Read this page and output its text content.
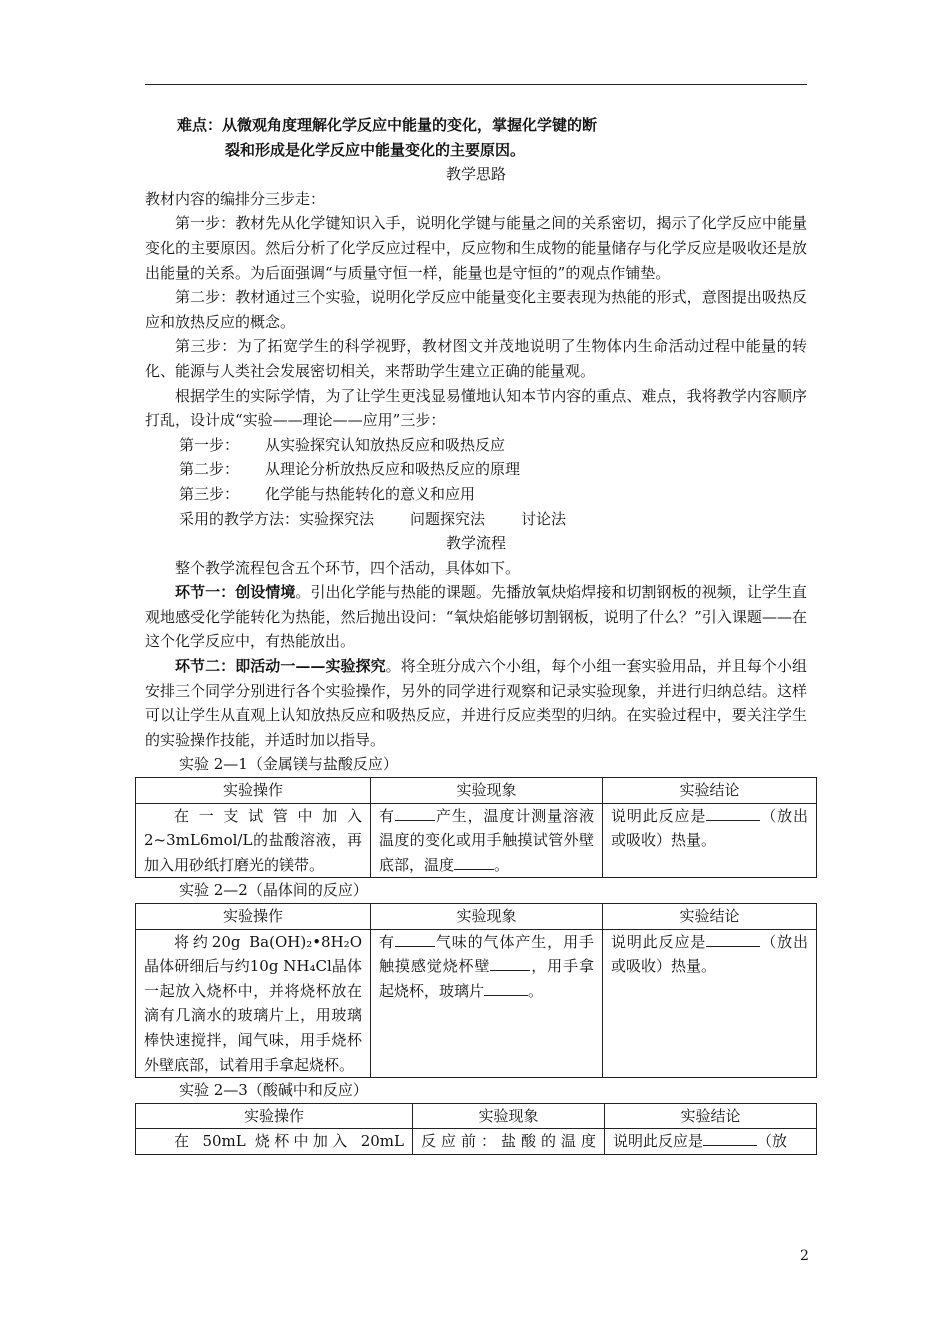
难点：从微观角度理解化学反应中能量的变化，掌握化学键的断

裂和形成是化学反应中能量变化的主要原因。

教学思路

教材内容的编排分三步走：

第一步：教材先从化学键知识入手，说明化学键与能量之间的关系密切，揭示了化学反应中能量变化的主要原因。然后分析了化学反应过程中，反应物和生成物的能量储存与化学反应是吸收还是放出能量的关系。为后面强调“与质量守恒一样，能量也是守恒的”的观点作铺垫。

第二步：教材通过三个实验，说明化学反应中能量变化主要表现为热能的形式，意图提出吸热反应和放热反应的概念。

第三步：为了拓宽学生的科学视野，教材图文并茂地说明了生物体内生命活动过程中能量的转化、能源与人类社会发展密切相关，来帮助学生建立正确的能量观。

根据学生的实际学情，为了让学生更浅显易懂地认知本节内容的重点、难点，我将教学内容顺序打乱，设计成“实验——理论——应用”三步：

第一步： 从实验探究认知放热反应和吸热反应
第二步： 从理论分析放热反应和吸热反应的原理
第三步： 化学能与热能转化的意义和应用
采用的教学方法：实验探究法 问题探究法 讨论法

教学流程

整个教学流程包含五个环节，四个活动，具体如下。

环节一：创设情境。引出化学能与热能的课题。先播放氧炔焰焊接和切割钢板的视频，让学生直观地感受化学能转化为热能，然后抛出设问：“氧炔焰能够切割钢板，说明了什么？”引入课题——在这个化学反应中，有热能放出。

环节二：即活动一——实验探究。将全班分成六个小组，每个小组一套实验用品，并且每个小组安排三个同学分别进行各个实验操作，另外的同学进行观察和记录实验现象，并进行归纳总结。这样可以让学生从直观上认知放热反应和吸热反应，并进行反应类型的归纳。在实验过程中，要关注学生的实验操作技能，并适时加以指导。

实验 2—1（金属镁与盐酸反应）

实验操作	实验现象	实验结论
在一支试管中加入2~3mL6mol/L的盐酸溶液，再加入用砂纸打磨光的镁带。	有 产生，温度计测量溶液温度的变化或用手触摸试管外壁底部，温度 。	说明此反应是 （放出或吸收）热量。

实验 2—2（晶体间的反应）

实验操作	实验现象	实验结论
将约20g Ba(OH)₂•8H₂O晶体研细后与约10g NH₄Cl晶体一起放入烧杯中，并将烧杯放在滴有几滴水的玻璃片上，用玻璃棒快速搅拌，闻气味，用手烧杯外壁底部，试着用手拿起烧杯。	有 气味的气体产生，用手触摸感觉烧杯壁 ，用手拿起烧杯，玻璃片 。	说明此反应是 （放出或吸收）热量。

实验 2—3（酸碱中和反应）

实验操作	实验现象	实验结论
在 50mL 烧杯中加入 20mL	反应前：盐酸的温度	说明此反应是 （放
2
